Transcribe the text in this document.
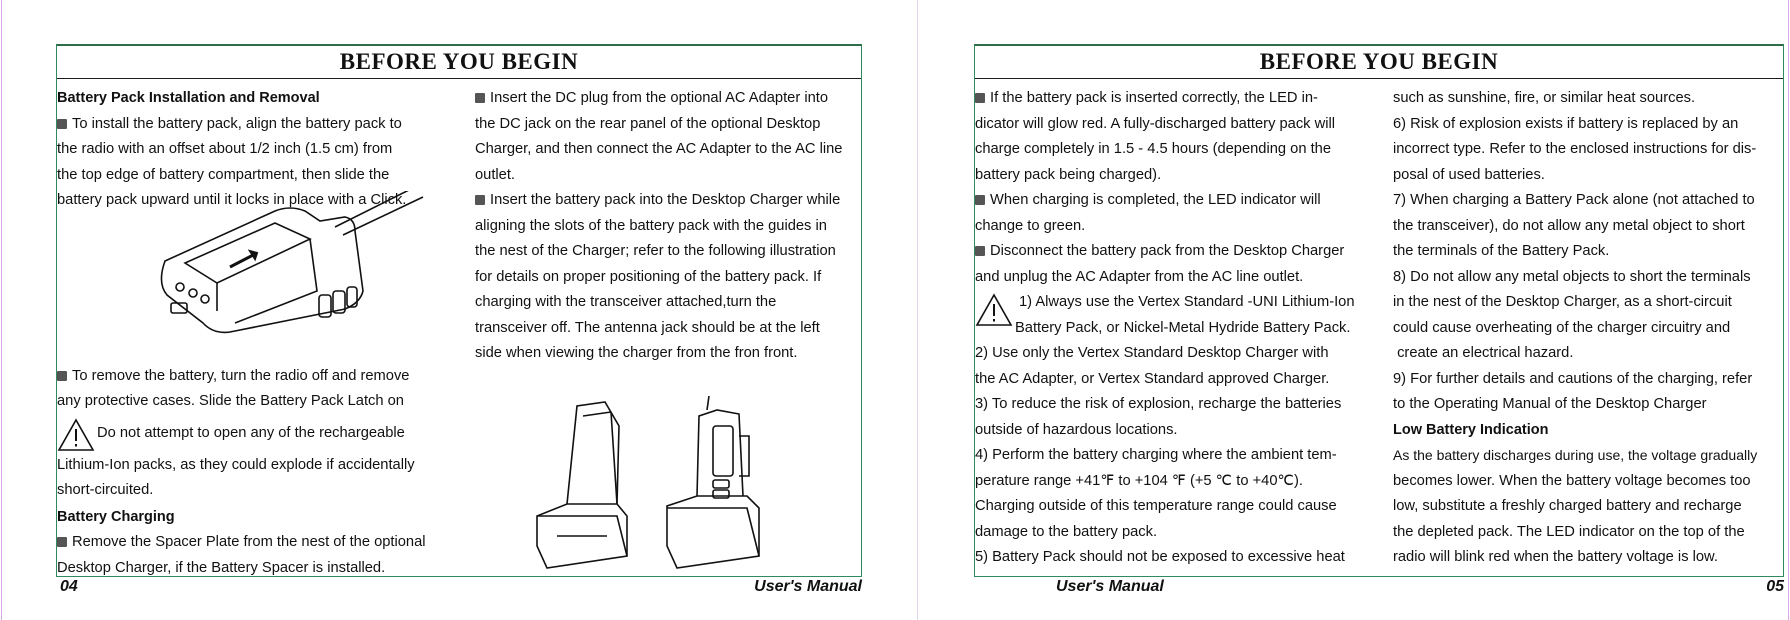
BEFORE YOU BEGIN

Battery Pack Installation and Removal

To install the battery pack, align the battery pack to

the radio with an offset about 1/2 inch (1.5 cm) from

the top edge of battery compartment, then slide the

battery pack upward until it locks in place with a Click.

To remove the battery, turn the radio off and remove

any protective cases. Slide the Battery Pack Latch on

Do not attempt to open any of the rechargeable

Lithium-Ion packs, as they could explode if accidentally

short-circuited.

Battery Charging

Remove the Spacer Plate from the nest of the optional

Desktop Charger, if the Battery Spacer is installed.

Insert the DC plug from the optional AC Adapter into

the DC jack on the rear panel of the optional Desktop

Charger, and then connect the AC Adapter to the AC line

outlet.

Insert the battery pack into the Desktop Charger while

aligning the slots of the battery pack with the guides in

the nest of the Charger; refer to the following illustration

for details on proper positioning of the battery pack. If

charging with the transceiver attached,turn the

transceiver off. The antenna jack should be at the left

side when viewing the charger from the fron front.

04	User's Manual
BEFORE YOU BEGIN

If the battery pack is inserted correctly, the LED in-

dicator will glow red. A fully-discharged battery pack will

charge completely in 1.5 - 4.5 hours (depending on the

battery pack being charged).

When charging is completed, the LED indicator will

change to green.

Disconnect the battery pack from the Desktop Charger

and unplug the AC Adapter from the AC line outlet.

1) Always use the Vertex Standard -UNI Lithium-Ion

Battery Pack, or Nickel-Metal Hydride Battery Pack.

2) Use only the Vertex Standard Desktop Charger with

the AC Adapter, or Vertex Standard approved Charger.

3) To reduce the risk of explosion, recharge the batteries

outside of hazardous locations.

4) Perform the battery charging where the ambient tem-

perature range +41℉ to +104 ℉ (+5 ℃ to +40℃).

Charging outside of this temperature range could cause

damage to the battery pack.

5) Battery Pack should not be exposed to excessive heat

such as sunshine, fire, or similar heat sources.

6) Risk of explosion exists if battery is replaced by an

incorrect type. Refer to the enclosed instructions for dis-

posal of used batteries.

7) When charging a Battery Pack alone (not attached to

the transceiver), do not allow any metal object to short

the terminals of the Battery Pack.

8) Do not allow any metal objects to short the terminals

in the nest of the Desktop Charger, as a short-circuit

could cause overheating of the charger circuitry and

create an electrical hazard.

9) For further details and cautions of the charging, refer

to the Operating Manual of the Desktop Charger

Low Battery Indication

As the battery discharges during use, the voltage gradually

becomes lower. When the battery voltage becomes too

low, substitute a freshly charged battery and recharge

the depleted pack. The LED indicator on the top of the

radio will blink red when the battery voltage is low.

User's Manual	05
